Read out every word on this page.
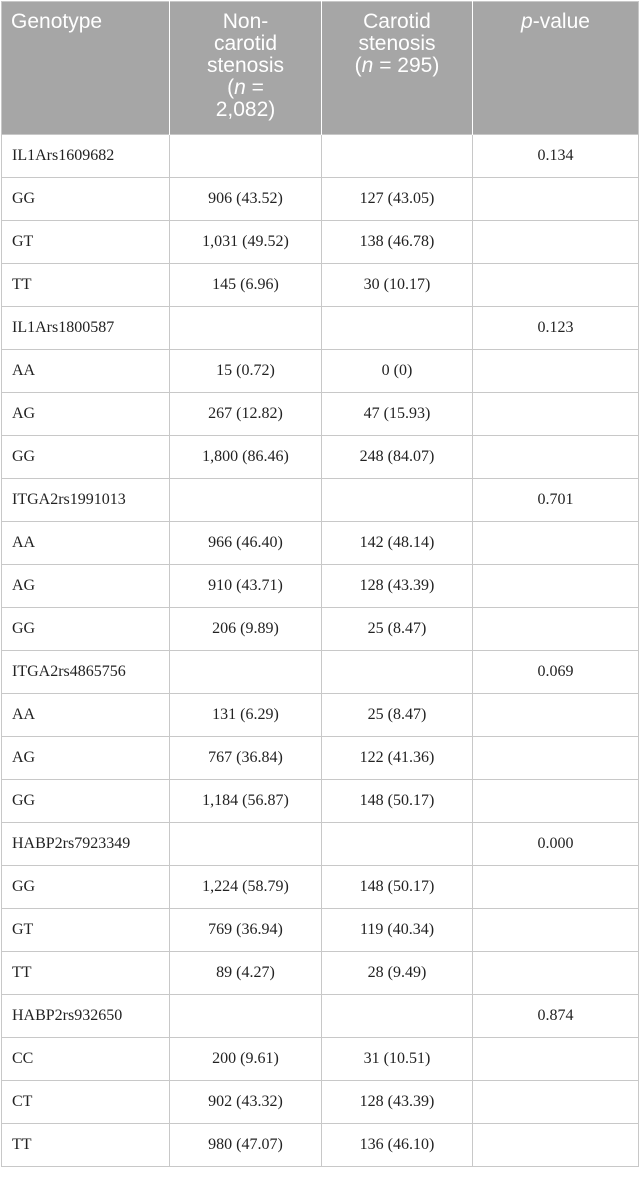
Genotype	Non-
carotid
stenosis
(n =
2,082)	Carotid
stenosis
(n = 295)	p-value
IL1Ars1609682			0.134
GG	906 (43.52)	127 (43.05)	
GT	1,031 (49.52)	138 (46.78)	
TT	145 (6.96)	30 (10.17)	
IL1Ars1800587			0.123
AA	15 (0.72)	0 (0)	
AG	267 (12.82)	47 (15.93)	
GG	1,800 (86.46)	248 (84.07)	
ITGA2rs1991013			0.701
AA	966 (46.40)	142 (48.14)	
AG	910 (43.71)	128 (43.39)	
GG	206 (9.89)	25 (8.47)	
ITGA2rs4865756			0.069
AA	131 (6.29)	25 (8.47)	
AG	767 (36.84)	122 (41.36)	
GG	1,184 (56.87)	148 (50.17)	
HABP2rs7923349			0.000
GG	1,224 (58.79)	148 (50.17)	
GT	769 (36.94)	119 (40.34)	
TT	89 (4.27)	28 (9.49)	
HABP2rs932650			0.874
CC	200 (9.61)	31 (10.51)	
CT	902 (43.32)	128 (43.39)	
TT	980 (47.07)	136 (46.10)	
